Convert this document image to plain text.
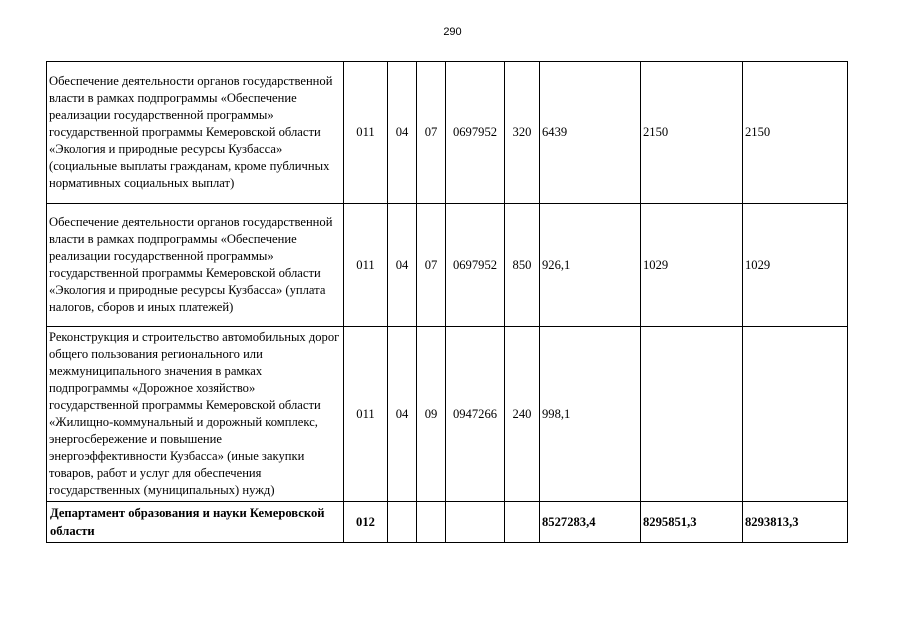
290
Обеспечение деятельности органов государственной власти в рамках подпрограммы «Обеспечение реализации государственной программы» государственной программы Кемеровской области «Экология и природные ресурсы Кузбасса» (социальные выплаты гражданам, кроме публичных нормативных социальных выплат)	011	04	07	0697952	320	6439	2150	2150
Обеспечение деятельности органов государственной власти в рамках подпрограммы «Обеспечение реализации государственной программы» государственной программы Кемеровской области «Экология и природные ресурсы Кузбасса» (уплата налогов, сборов и иных платежей)	011	04	07	0697952	850	926,1	1029	1029
Реконструкция и строительство автомобильных дорог общего пользования регионального или межмуниципального значения в рамках подпрограммы «Дорожное хозяйство» государственной программы Кемеровской области «Жилищно-коммунальный и дорожный комплекс, энергосбережение и повышение энергоэффективности Кузбасса» (иные закупки товаров, работ и услуг для обеспечения государственных (муниципальных) нужд)	011	04	09	0947266	240	998,1		
Департамент образования и науки Кемеровской области	012					8527283,4	8295851,3	8293813,3
